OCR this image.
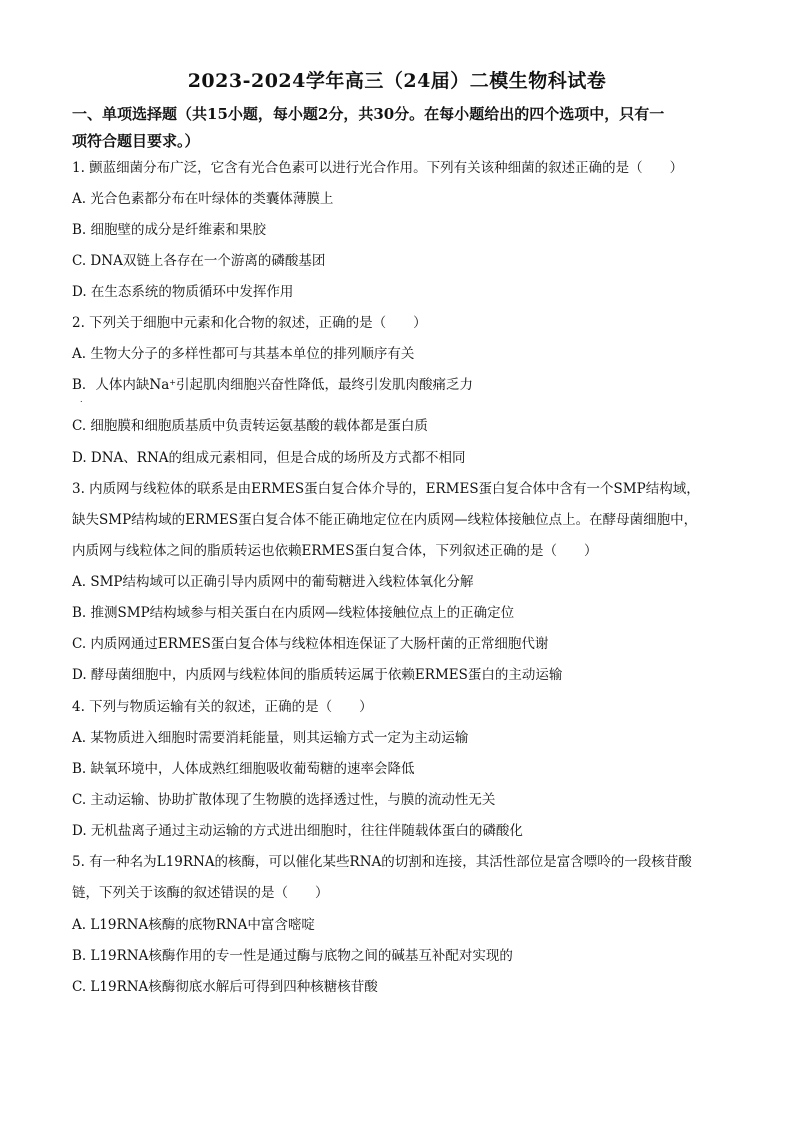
2023-2024学年高三（24届）二模生物科试卷
一、单项选择题（共15小题，每小题2分，共30分。在每小题给出的四个选项中，只有一
项符合题目要求。）
1. 颤蓝细菌分布广泛，它含有光合色素可以进行光合作用。下列有关该种细菌的叙述正确的是（　　）
A. 光合色素都分布在叶绿体的类囊体薄膜上
B. 细胞壁的成分是纤维素和果胶
C. DNA双链上各存在一个游离的磷酸基团
D. 在生态系统的物质循环中发挥作用
2. 下列关于细胞中元素和化合物的叙述，正确的是（　　）
A. 生物大分子的多样性都可与其基本单位的排列顺序有关
B．人体内缺Na+引起肌肉细胞兴奋性降低，最终引发肌肉酸痛乏力
.
C. 细胞膜和细胞质基质中负责转运氨基酸的载体都是蛋白质
D. DNA、RNA的组成元素相同，但是合成的场所及方式都不相同
3. 内质网与线粒体的联系是由ERMES蛋白复合体介导的，ERMES蛋白复合体中含有一个SMP结构域，
缺失SMP结构域的ERMES蛋白复合体不能正确地定位在内质网—线粒体接触位点上。在酵母菌细胞中，
内质网与线粒体之间的脂质转运也依赖ERMES蛋白复合体，下列叙述正确的是（　　）
A. SMP结构域可以正确引导内质网中的葡萄糖进入线粒体氧化分解
B. 推测SMP结构域参与相关蛋白在内质网—线粒体接触位点上的正确定位
C. 内质网通过ERMES蛋白复合体与线粒体相连保证了大肠杆菌的正常细胞代谢
D. 酵母菌细胞中，内质网与线粒体间的脂质转运属于依赖ERMES蛋白的主动运输
4. 下列与物质运输有关的叙述，正确的是（　　）
A. 某物质进入细胞时需要消耗能量，则其运输方式一定为主动运输
B. 缺氧环境中，人体成熟红细胞吸收葡萄糖的速率会降低
C. 主动运输、协助扩散体现了生物膜的选择透过性，与膜的流动性无关
D. 无机盐离子通过主动运输的方式进出细胞时，往往伴随载体蛋白的磷酸化
5. 有一种名为L19RNA的核酶，可以催化某些RNA的切割和连接，其活性部位是富含嘌呤的一段核苷酸
链，下列关于该酶的叙述错误的是（　　）
A. L19RNA核酶的底物RNA中富含嘧啶
B. L19RNA核酶作用的专一性是通过酶与底物之间的碱基互补配对实现的
C. L19RNA核酶彻底水解后可得到四种核糖核苷酸
